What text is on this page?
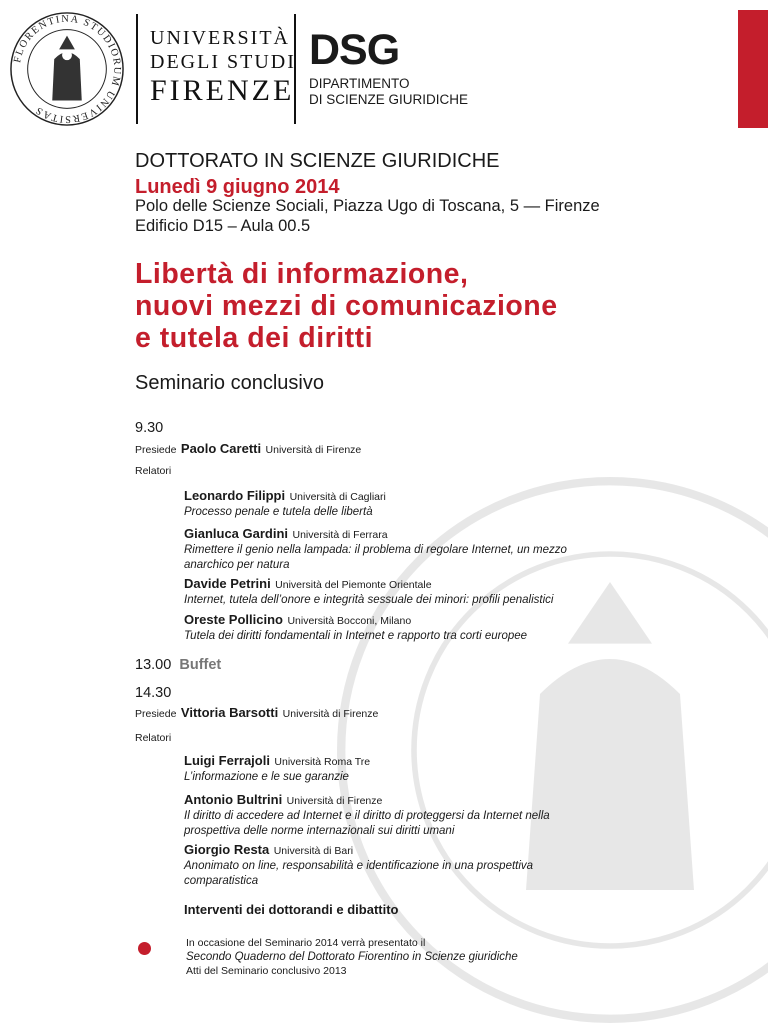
FLORENTINA STUDIORUM UNIVERSITAS
UNIVERSITÀ
DEGLI STUDI
FIRENZE
DSG
DIPARTIMENTO
DI SCIENZE GIURIDICHE
DOTTORATO IN SCIENZE GIURIDICHE
Lunedì 9 giugno 2014
Polo delle Scienze Sociali, Piazza Ugo di Toscana, 5 — Firenze
Edificio D15 – Aula 00.5
Libertà di informazione,
nuovi mezzi di comunicazione
e tutela dei diritti
Seminario conclusivo
9.30
Presiede Paolo Caretti Università di Firenze
Relatori
Leonardo Filippi Università di Cagliari
Processo penale e tutela delle libertà
Gianluca Gardini Università di Ferrara
Rimettere il genio nella lampada: il problema di regolare Internet, un mezzo
anarchico per natura
Davide Petrini Università del Piemonte Orientale
Internet, tutela dell’onore e integrità sessuale dei minori: profili penalistici
Oreste Pollicino Università Bocconi, Milano
Tutela dei diritti fondamentali in Internet e rapporto tra corti europee
13.00 Buffet
14.30
Presiede Vittoria Barsotti Università di Firenze
Relatori
Luigi Ferrajoli Università Roma Tre
L’informazione e le sue garanzie
Antonio Bultrini Università di Firenze
Il diritto di accedere ad Internet e il diritto di proteggersi da Internet nella
prospettiva delle norme internazionali sui diritti umani
Giorgio Resta Università di Bari
Anonimato on line, responsabilità e identificazione in una prospettiva
comparatistica
Interventi dei dottorandi e dibattito
In occasione del Seminario 2014 verrà presentato il
Secondo Quaderno del Dottorato Fiorentino in Scienze giuridiche
Atti del Seminario conclusivo 2013
